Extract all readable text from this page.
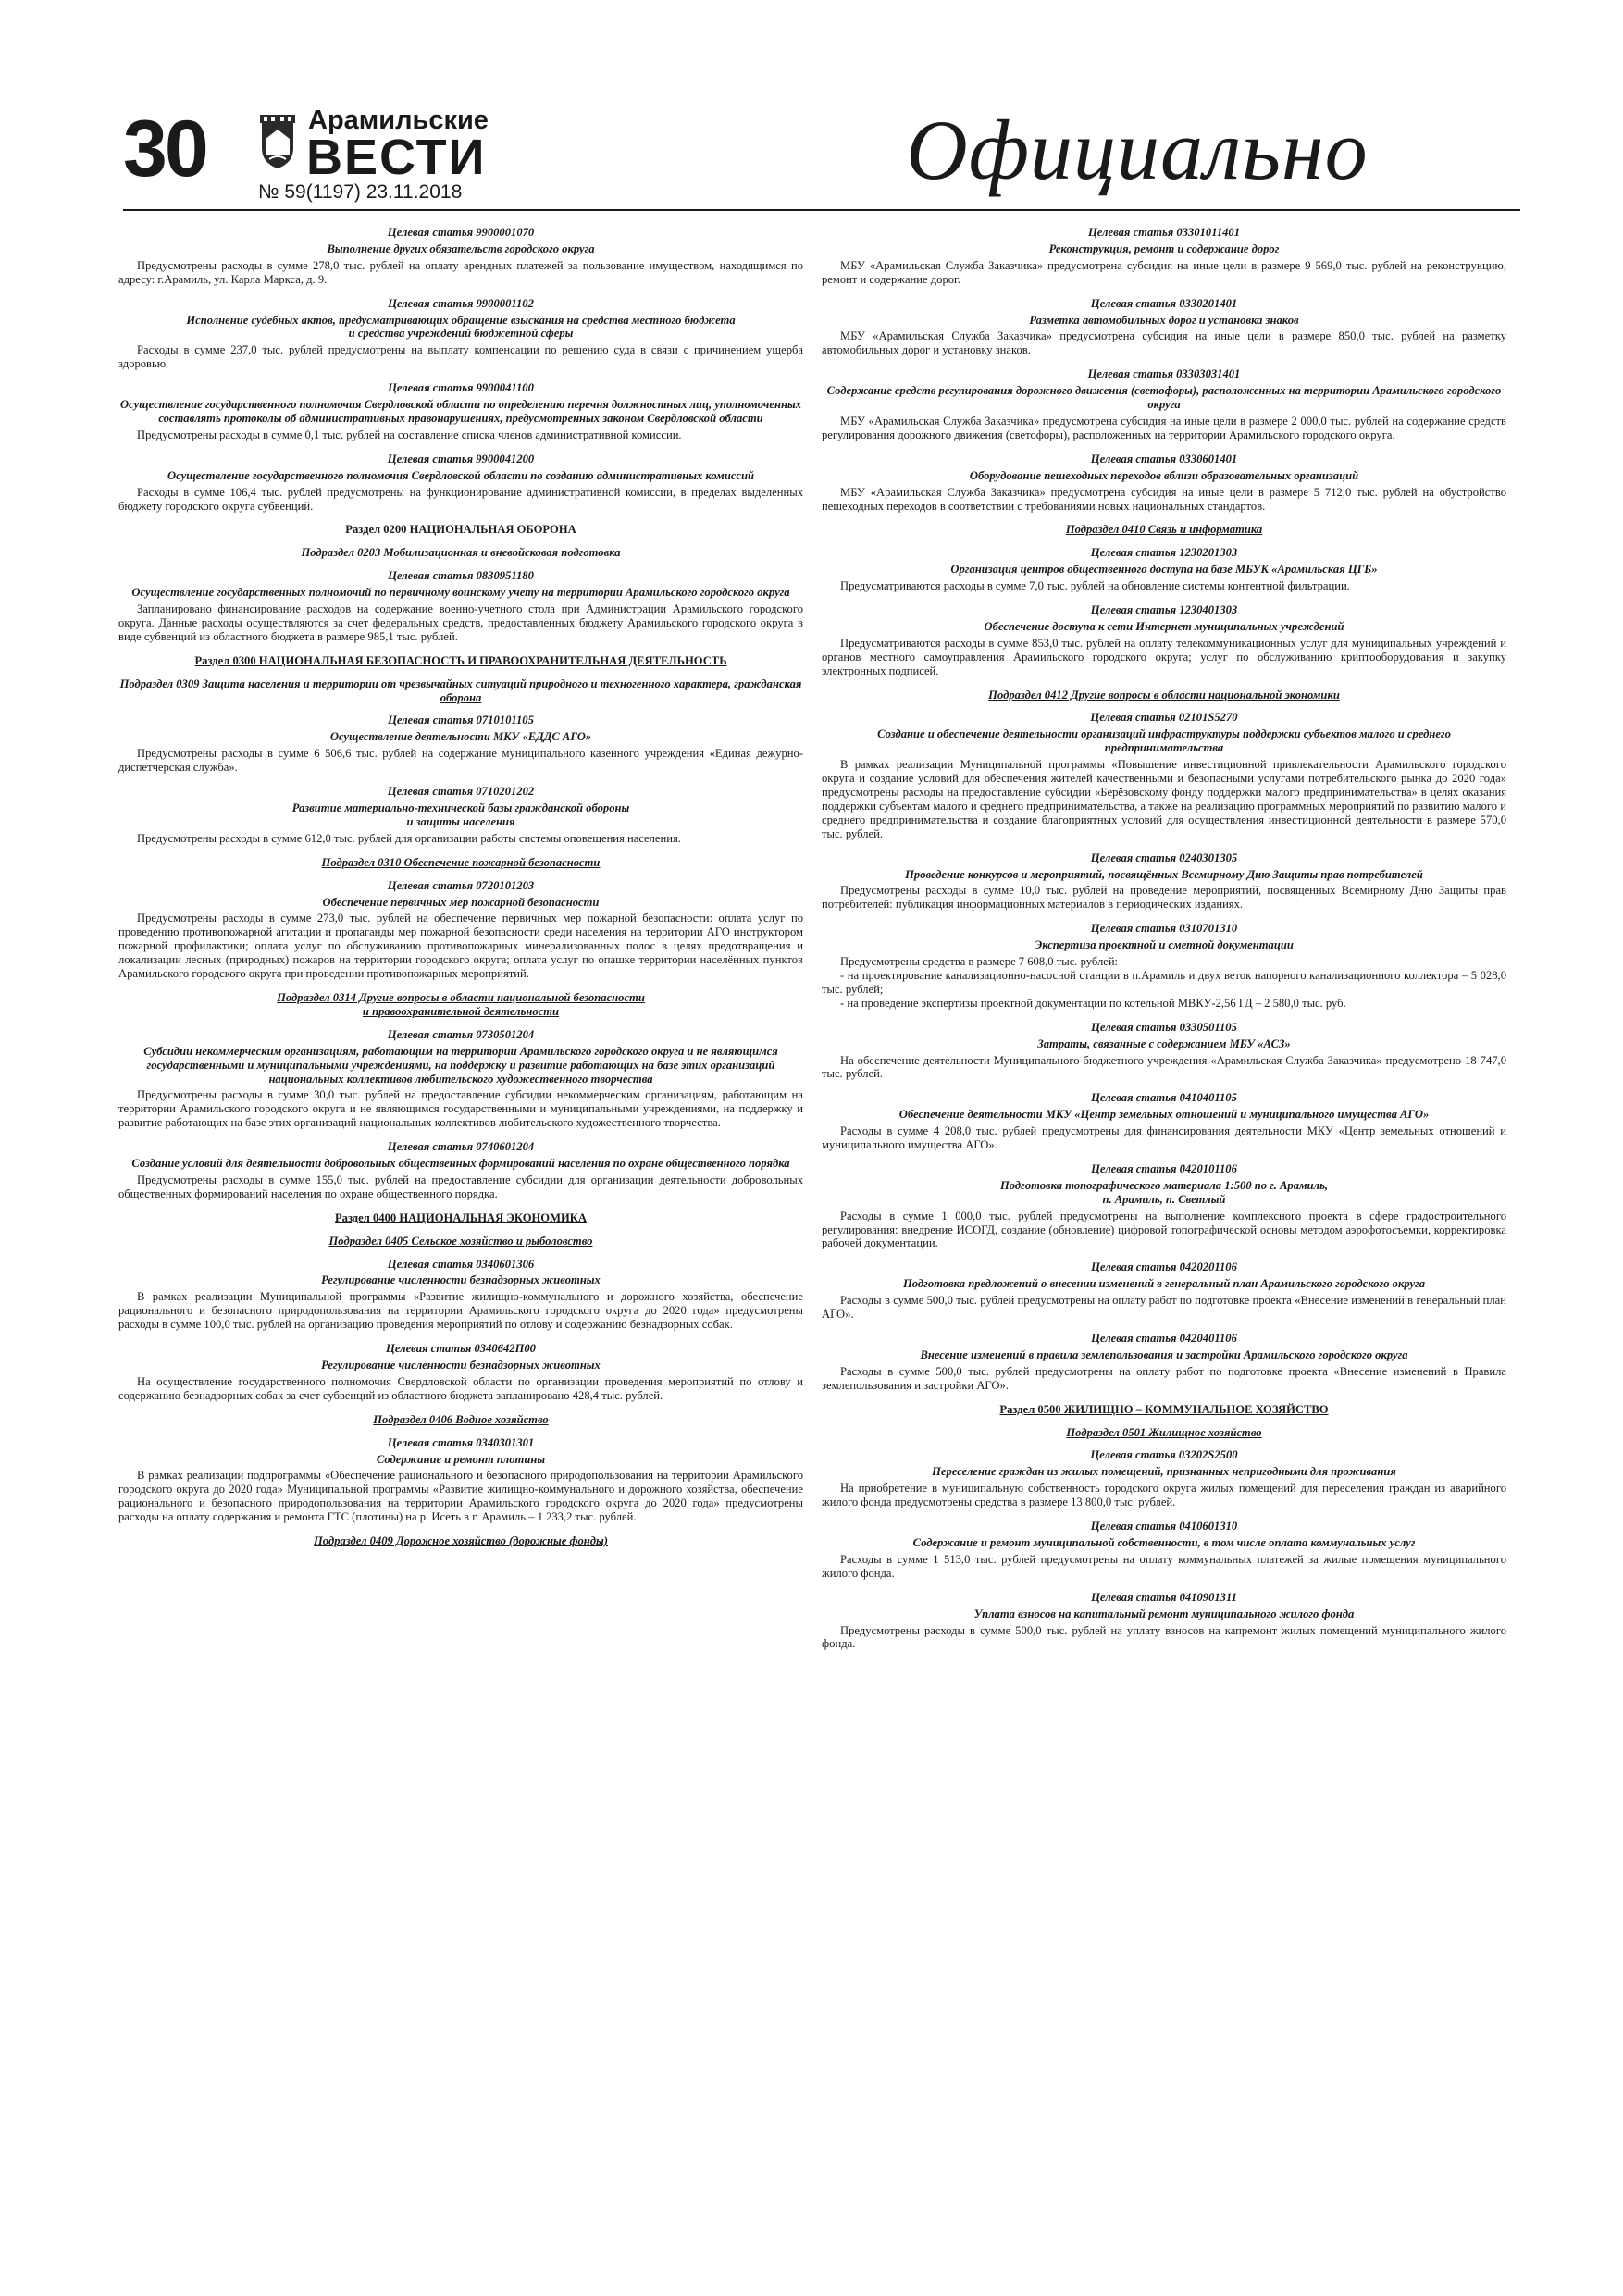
30	Арамильские
ВЕСТИ
№ 59(1197) 23.11.2018	Официально
Целевая статья 9900001070
Выполнение других обязательств городского округа

Предусмотрены расходы в сумме 278,0 тыс. рублей на оплату арендных платежей за пользование имуществом, находящимся по адресу: г.Арамиль, ул. Карла Маркса, д. 9.

Целевая статья 9900001102
Исполнение судебных актов, предусматривающих обращение взыскания на средства местного бюджета
и средства учреждений бюджетной сферы

Расходы в сумме 237,0 тыс. рублей предусмотрены на выплату компенсации по решению суда в связи с причинением ущерба здоровью.

Целевая статья 9900041100
Осуществление государственного полномочия Свердловской области по определению перечня должностных лиц, уполномоченных составлять протоколы об административных правонарушениях, предусмотренных законом Свердловской области

Предусмотрены расходы в сумме 0,1 тыс. рублей на составление списка членов административной комиссии.

Целевая статья 9900041200
Осуществление государственного полномочия Свердловской области по созданию административных комиссий

Расходы в сумме 106,4 тыс. рублей предусмотрены на функционирование административной комиссии, в пределах выделенных бюджету городского округа субвенций.

Раздел 0200 НАЦИОНАЛЬНАЯ ОБОРОНА
Подраздел 0203 Мобилизационная и вневойсковая подготовка
Целевая статья 0830951180
Осуществление государственных полномочий по первичному воинскому учету на территории Арамильского городского округа

Запланировано финансирование расходов на содержание военно-учетного стола при Администрации Арамильского городского округа. Данные расходы осуществляются за счет федеральных средств, предоставленных бюджету Арамильского городского округа в виде субвенций из областного бюджета в размере 985,1 тыс. рублей.

Раздел 0300 НАЦИОНАЛЬНАЯ БЕЗОПАСНОСТЬ И ПРАВООХРАНИТЕЛЬНАЯ ДЕЯТЕЛЬНОСТЬ
Подраздел 0309 Защита населения и территории от чрезвычайных ситуаций природного и техногенного характера, гражданская оборона
Целевая статья 0710101105
Осуществление деятельности МКУ «ЕДДС АГО»

Предусмотрены расходы в сумме 6 506,6 тыс. рублей на содержание муниципального казенного учреждения «Единая дежурно-диспетчерская служба».

Целевая статья 0710201202
Развитие материально-технической базы гражданской обороны
и защиты населения

Предусмотрены расходы в сумме 612,0 тыс. рублей для организации работы системы оповещения населения.

Подраздел 0310 Обеспечение пожарной безопасности
Целевая статья 0720101203
Обеспечение первичных мер пожарной безопасности

Предусмотрены расходы в сумме 273,0 тыс. рублей на обеспечение первичных мер пожарной безопасности: оплата услуг по проведению противопожарной агитации и пропаганды мер пожарной безопасности среди населения на территории АГО инструктором пожарной профилактики; оплата услуг по обслуживанию противопожарных минерализованных полос в целях предотвращения и локализации лесных (природных) пожаров на территории городского округа; оплата услуг по опашке территории населённых пунктов Арамильского городского округа при проведении противопожарных мероприятий.

Подраздел 0314 Другие вопросы в области национальной безопасности
и правоохранительной деятельности
Целевая статья 0730501204
Субсидии некоммерческим организациям, работающим на территории Арамильского городского округа и не являющимся государственными и муниципальными учреждениями, на поддержку и развитие работающих на базе этих организаций национальных коллективов любительского художественного творчества

Предусмотрены расходы в сумме 30,0 тыс. рублей на предоставление субсидии некоммерческим организациям, работающим на территории Арамильского городского округа и не являющимся государственными и муниципальными учреждениями, на поддержку и развитие работающих на базе этих организаций национальных коллективов любительского художественного творчества.

Целевая статья 0740601204
Создание условий для деятельности добровольных общественных формирований населения по охране общественного порядка

Предусмотрены расходы в сумме 155,0 тыс. рублей на предоставление субсидии для организации деятельности добровольных общественных формирований населения по охране общественного порядка.

Раздел 0400 НАЦИОНАЛЬНАЯ ЭКОНОМИКА
Подраздел 0405 Сельское хозяйство и рыболовство
Целевая статья 0340601306
Регулирование численности безнадзорных животных

В рамках реализации Муниципальной программы «Развитие жилищно-коммунального и дорожного хозяйства, обеспечение рационального и безопасного природопользования на территории Арамильского городского округа до 2020 года» предусмотрены расходы в сумме 100,0 тыс. рублей на организацию проведения мероприятий по отлову и содержанию безнадзорных собак.

Целевая статья 0340642П00
Регулирование численности безнадзорных животных

На осуществление государственного полномочия Свердловской области по организации проведения мероприятий по отлову и содержанию безнадзорных собак за счет субвенций из областного бюджета запланировано 428,4 тыс. рублей.

Подраздел 0406 Водное хозяйство
Целевая статья 0340301301
Содержание и ремонт плотины

В рамках реализации подпрограммы «Обеспечение рационального и безопасного природопользования на территории Арамильского городского округа до 2020 года» Муниципальной программы «Развитие жилищно-коммунального и дорожного хозяйства, обеспечение рационального и безопасного природопользования на территории Арамильского городского округа до 2020 года» предусмотрены расходы на оплату содержания и ремонта ГТС (плотины) на р. Исеть в г. Арамиль – 1 233,2 тыс. рублей.

Подраздел 0409 Дорожное хозяйство (дорожные фонды)
Целевая статья 03301011401
Реконструкция, ремонт и содержание дорог

МБУ «Арамильская Служба Заказчика» предусмотрена субсидия на иные цели в размере 9 569,0 тыс. рублей на реконструкцию, ремонт и содержание дорог.

Целевая статья 0330201401
Разметка автомобильных дорог и установка знаков

МБУ «Арамильская Служба Заказчика» предусмотрена субсидия на иные цели в размере 850,0 тыс. рублей на разметку автомобильных дорог и установку знаков.

Целевая статья 03303031401
Содержание средств регулирования дорожного движения (светофоры), расположенных на территории Арамильского городского округа

МБУ «Арамильская Служба Заказчика» предусмотрена субсидия на иные цели в размере 2 000,0 тыс. рублей на содержание средств регулирования дорожного движения (светофоры), расположенных на территории Арамильского городского округа.

Целевая статья 0330601401
Оборудование пешеходных переходов вблизи образовательных организаций

МБУ «Арамильская Служба Заказчика» предусмотрена субсидия на иные цели в размере 5 712,0 тыс. рублей на обустройство пешеходных переходов в соответствии с требованиями новых национальных стандартов.

Подраздел 0410 Связь и информатика
Целевая статья 1230201303
Организация центров общественного доступа на базе МБУК «Арамильская ЦГБ»

Предусматриваются расходы в сумме 7,0 тыс. рублей на обновление системы контентной фильтрации.

Целевая статья 1230401303
Обеспечение доступа к сети Интернет муниципальных учреждений

Предусматриваются расходы в сумме 853,0 тыс. рублей на оплату телекоммуникационных услуг для муниципальных учреждений и органов местного самоуправления Арамильского городского округа; услуг по обслуживанию криптооборудования и закупку электронных подписей.

Подраздел 0412 Другие вопросы в области национальной экономики
Целевая статья 02101S5270
Создание и обеспечение деятельности организаций инфраструктуры поддержки субъектов малого и среднего предпринимательства

В рамках реализации Муниципальной программы «Повышение инвестиционной привлекательности Арамильского городского округа и создание условий для обеспечения жителей качественными и безопасными услугами потребительского рынка до 2020 года» предусмотрены расходы на предоставление субсидии «Берёзовскому фонду поддержки малого предпринимательства» в целях оказания поддержки субъектам малого и среднего предпринимательства, а также на реализацию программных мероприятий по развитию малого и среднего предпринимательства и создание благоприятных условий для осуществления инвестиционной деятельности в размере 570,0 тыс. рублей.

Целевая статья 0240301305
Проведение конкурсов и мероприятий, посвящённых Всемирному Дню Защиты прав потребителей

Предусмотрены расходы в сумме 10,0 тыс. рублей на проведение мероприятий, посвященных Всемирному Дню Защиты прав потребителей: публикация информационных материалов в периодических изданиях.

Целевая статья 0310701310
Экспертиза проектной и сметной документации

Предусмотрены средства в размере 7 608,0 тыс. рублей:

- на проектирование канализационно-насосной станции в п.Арамиль и двух веток напорного канализационного коллектора – 5 028,0 тыс. рублей;

- на проведение экспертизы проектной документации по котельной МВКУ-2,56 ГД – 2 580,0 тыс. руб.

Целевая статья 0330501105
Затраты, связанные с содержанием МБУ «АСЗ»

На обеспечение деятельности Муниципального бюджетного учреждения «Арамильская Служба Заказчика» предусмотрено 18 747,0 тыс. рублей.

Целевая статья 0410401105
Обеспечение деятельности МКУ «Центр земельных отношений и муниципального имущества АГО»

Расходы в сумме 4 208,0 тыс. рублей предусмотрены для финансирования деятельности МКУ «Центр земельных отношений и муниципального имущества АГО».

Целевая статья 0420101106
Подготовка топографического материала 1:500 по г. Арамиль,
п. Арамиль, п. Светлый

Расходы в сумме 1 000,0 тыс. рублей предусмотрены на выполнение комплексного проекта в сфере градостроительного регулирования: внедрение ИСОГД, создание (обновление) цифровой топографической основы методом аэрофотосъемки, корректировка рабочей документации.

Целевая статья 0420201106
Подготовка предложений о внесении изменений в генеральный план Арамильского городского округа

Расходы в сумме 500,0 тыс. рублей предусмотрены на оплату работ по подготовке проекта «Внесение изменений в генеральный план АГО».

Целевая статья 0420401106
Внесение изменений в правила землепользования и застройки Арамильского городского округа

Расходы в сумме 500,0 тыс. рублей предусмотрены на оплату работ по подготовке проекта «Внесение изменений в Правила землепользования и застройки АГО».

Раздел 0500 ЖИЛИЩНО – КОММУНАЛЬНОЕ ХОЗЯЙСТВО
Подраздел 0501 Жилищное хозяйство
Целевая статья 03202S2500
Переселение граждан из жилых помещений, признанных непригодными для проживания

На приобретение в муниципальную собственность городского округа жилых помещений для переселения граждан из аварийного жилого фонда предусмотрены средства в размере 13 800,0 тыс. рублей.

Целевая статья 0410601310
Содержание и ремонт муниципальной собственности, в том числе оплата коммунальных услуг

Расходы в сумме 1 513,0 тыс. рублей предусмотрены на оплату коммунальных платежей за жилые помещения муниципального жилого фонда.

Целевая статья 0410901311
Уплата взносов на капитальный ремонт муниципального жилого фонда

Предусмотрены расходы в сумме 500,0 тыс. рублей на уплату взносов на капремонт жилых помещений муниципального жилого фонда.
